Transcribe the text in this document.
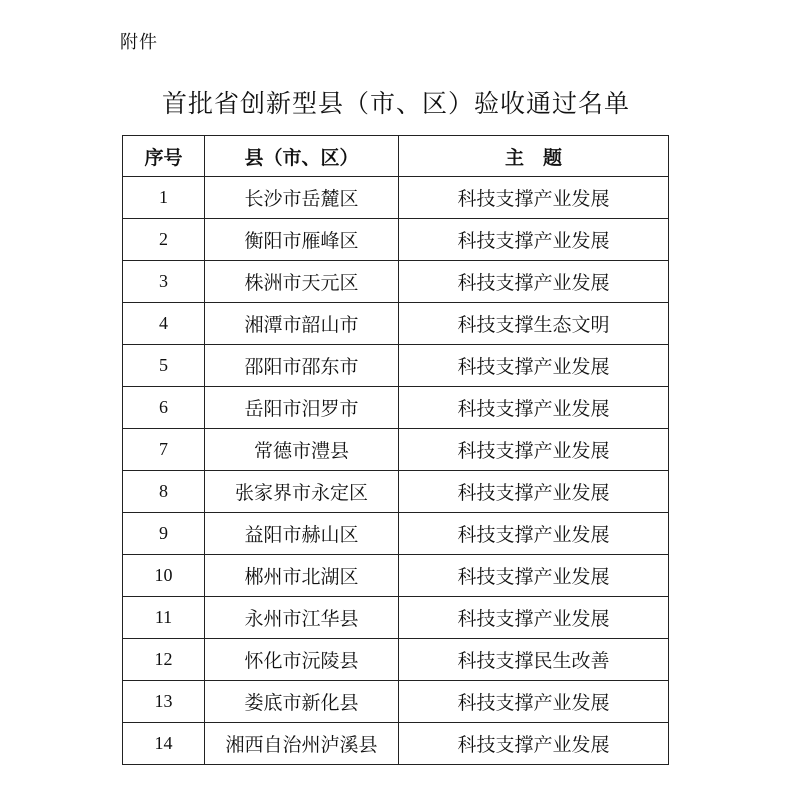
附件
首批省创新型县（市、区）验收通过名单
序号	县（市、区）	主　题
1	长沙市岳麓区	科技支撑产业发展
2	衡阳市雁峰区	科技支撑产业发展
3	株洲市天元区	科技支撑产业发展
4	湘潭市韶山市	科技支撑生态文明
5	邵阳市邵东市	科技支撑产业发展
6	岳阳市汨罗市	科技支撑产业发展
7	常德市澧县	科技支撑产业发展
8	张家界市永定区	科技支撑产业发展
9	益阳市赫山区	科技支撑产业发展
10	郴州市北湖区	科技支撑产业发展
11	永州市江华县	科技支撑产业发展
12	怀化市沅陵县	科技支撑民生改善
13	娄底市新化县	科技支撑产业发展
14	湘西自治州泸溪县	科技支撑产业发展
